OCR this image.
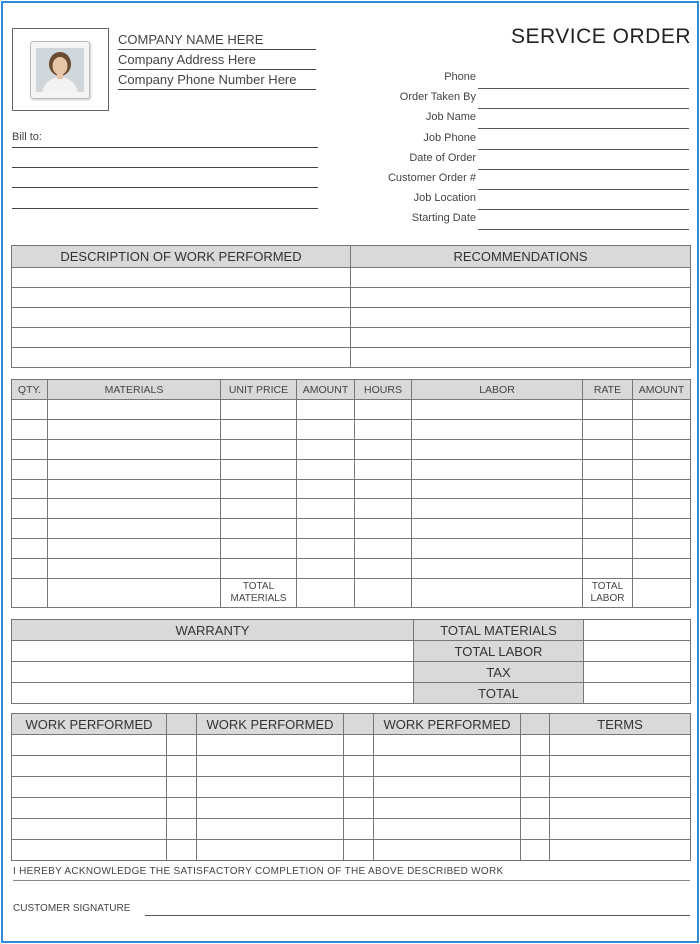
SERVICE ORDER
COMPANY NAME HERE
Company Address Here
Company Phone Number Here
Bill to:
Phone
Order Taken By
Job Name
Job Phone
Date of Order
Customer Order #
Job Location
Starting Date
DESCRIPTION OF WORK PERFORMED	RECOMMENDATIONS

QTY.	MATERIALS	UNIT PRICE	AMOUNT	HOURS	LABOR	RATE	AMOUNT

		TOTAL MATERIALS				TOTAL LABOR	

WARRANTY	TOTAL MATERIALS	
	TOTAL LABOR	
	TAX	
	TOTAL	
WORK PERFORMED		WORK PERFORMED		WORK PERFORMED		TERMS

I HEREBY ACKNOWLEDGE THE SATISFACTORY COMPLETION OF THE ABOVE DESCRIBED WORK
CUSTOMER SIGNATURE
